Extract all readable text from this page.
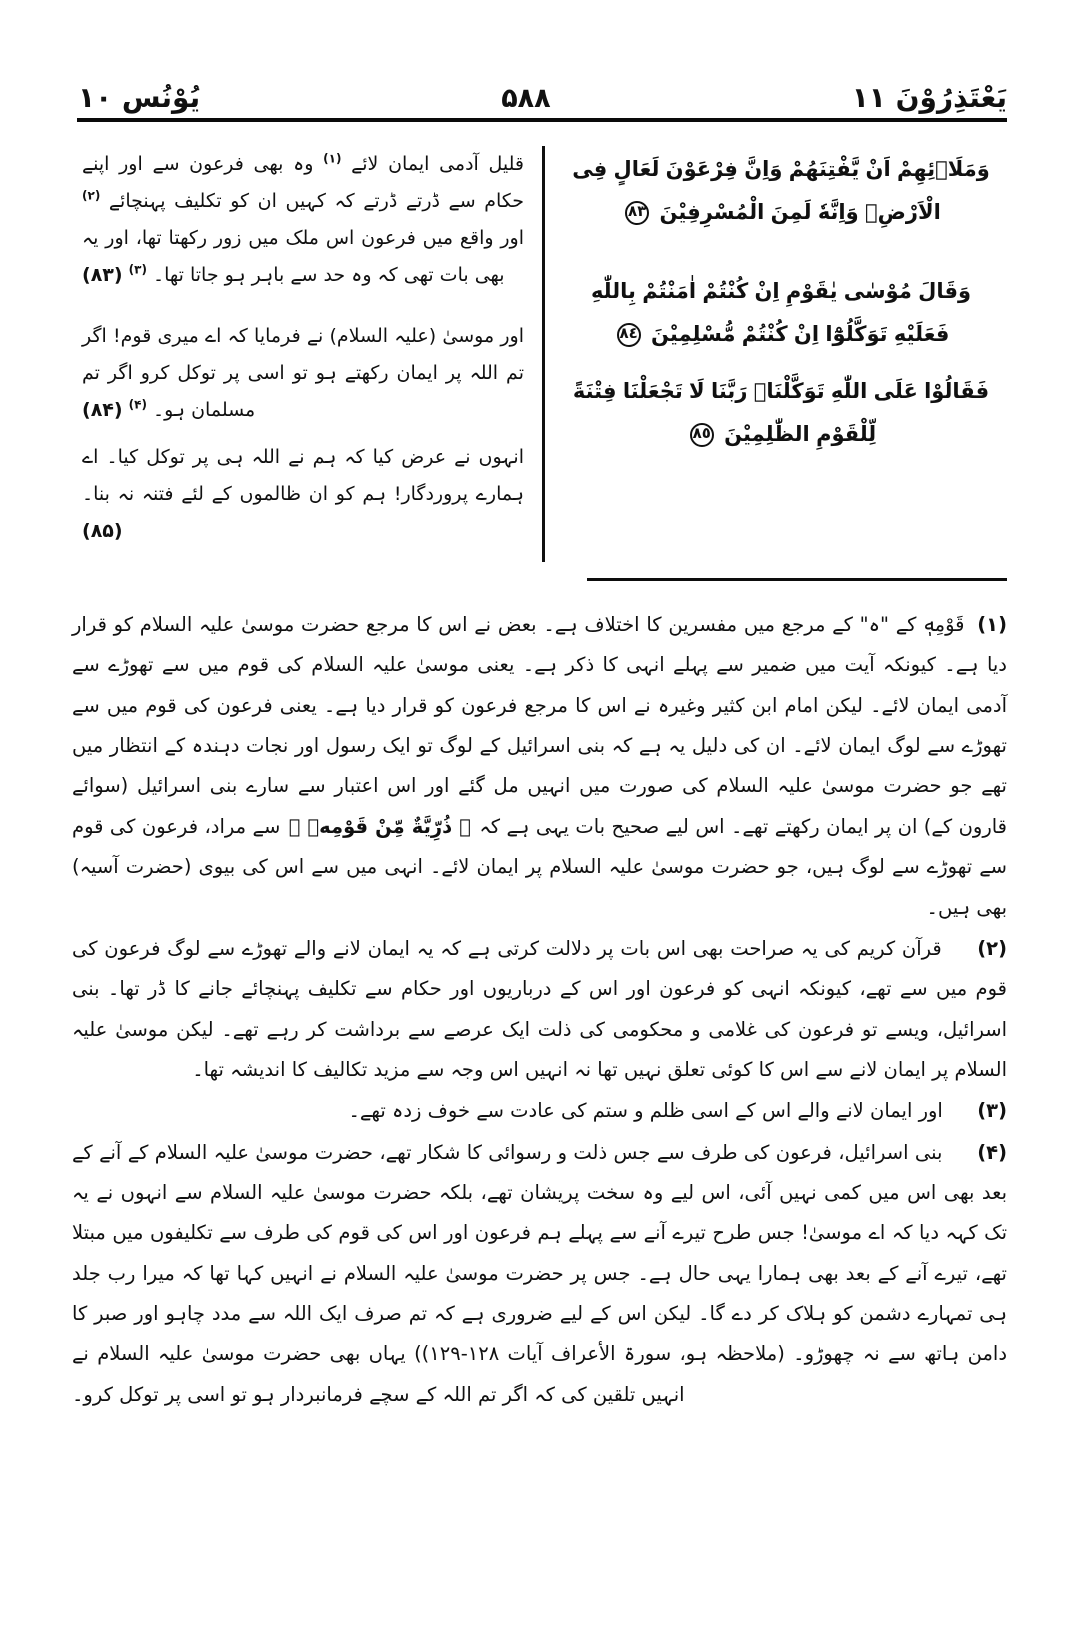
يَعْتَذِرُوْنَ ١١
۵۸۸
يُوْنُس ١٠
وَمَلَا۟ئِهِمْ اَنْ يَّفْتِنَهُمْ وَاِنَّ فِرْعَوْنَ لَعَالٍ فِى الْاَرْضِۚ وَاِنَّهٗ لَمِنَ الْمُسْرِفِيْنَ ٨٣
وَقَالَ مُوْسٰى يٰقَوْمِ اِنْ كُنْتُمْ اٰمَنْتُمْ بِاللّٰهِ فَعَلَيْهِ تَوَكَّلُوْٓا اِنْ كُنْتُمْ مُّسْلِمِيْنَ ٨٤
فَقَالُوْا عَلَى اللّٰهِ تَوَكَّلْنَاۚ رَبَّنَا لَا تَجْعَلْنَا فِتْنَةً لِّلْقَوْمِ الظّٰلِمِيْنَ ٨٥
قلیل آدمی ایمان لائے $^{(۱)}$ وہ بھی فرعون سے اور اپنے حکام سے ڈرتے ڈرتے کہ کہیں ان کو تکلیف پہنچائے $^{(۲)}$ اور واقع میں فرعون اس ملک میں زور رکھتا تھا، اور یہ بھی بات تھی کہ وہ حد سے باہر ہو جاتا تھا۔ $^{(۳)}$ (۸۳)
اور موسیٰ (علیہ السلام) نے فرمایا کہ اے میری قوم! اگر تم اللہ پر ایمان رکھتے ہو تو اسی پر توکل کرو اگر تم مسلمان ہو۔ $^{(۴)}$ (۸۴)
انہوں نے عرض کیا کہ ہم نے اللہ ہی پر توکل کیا۔ اے ہمارے پروردگار! ہم کو ان ظالموں کے لئے فتنہ نہ بنا۔ (۸۵)
(۱) قَوْمِهٖ کے "ہ" کے مرجع میں مفسرین کا اختلاف ہے۔ بعض نے اس کا مرجع حضرت موسیٰ علیہ السلام کو قرار دیا ہے۔ کیونکہ آیت میں ضمیر سے پہلے انہی کا ذکر ہے۔ یعنی موسیٰ علیہ السلام کی قوم میں سے تھوڑے سے آدمی ایمان لائے۔ لیکن امام ابن کثیر وغیرہ نے اس کا مرجع فرعون کو قرار دیا ہے۔ یعنی فرعون کی قوم میں سے تھوڑے سے لوگ ایمان لائے۔ ان کی دلیل یہ ہے کہ بنی اسرائیل کے لوگ تو ایک رسول اور نجات دہندہ کے انتظار میں تھے جو حضرت موسیٰ علیہ السلام کی صورت میں انہیں مل گئے اور اس اعتبار سے سارے بنی اسرائیل (سوائے قارون کے) ان پر ایمان رکھتے تھے۔ اس لیے صحیح بات یہی ہے کہ ﴿ ذُرِّيَّةٌ مِّنْ قَوْمِهٖ ﴾ سے مراد، فرعون کی قوم سے تھوڑے سے لوگ ہیں، جو حضرت موسیٰ علیہ السلام پر ایمان لائے۔ انہی میں سے اس کی بیوی (حضرت آسیہ) بھی ہیں۔
(۲)  قرآن کریم کی یہ صراحت بھی اس بات پر دلالت کرتی ہے کہ یہ ایمان لانے والے تھوڑے سے لوگ فرعون کی قوم میں سے تھے، کیونکہ انہی کو فرعون اور اس کے درباریوں اور حکام سے تکلیف پہنچائے جانے کا ڈر تھا۔ بنی اسرائیل، ویسے تو فرعون کی غلامی و محکومی کی ذلت ایک عرصے سے برداشت کر رہے تھے۔ لیکن موسیٰ علیہ السلام پر ایمان لانے سے اس کا کوئی تعلق نہیں تھا نہ انہیں اس وجہ سے مزید تکالیف کا اندیشہ تھا۔
(۳)  اور ایمان لانے والے اس کے اسی ظلم و ستم کی عادت سے خوف زدہ تھے۔
(۴)  بنی اسرائیل، فرعون کی طرف سے جس ذلت و رسوائی کا شکار تھے، حضرت موسیٰ علیہ السلام کے آنے کے بعد بھی اس میں کمی نہیں آئی، اس لیے وہ سخت پریشان تھے، بلکہ حضرت موسیٰ علیہ السلام سے انہوں نے یہ تک کہہ دیا کہ اے موسیٰ! جس طرح تیرے آنے سے پہلے ہم فرعون اور اس کی قوم کی طرف سے تکلیفوں میں مبتلا تھے، تیرے آنے کے بعد بھی ہمارا یہی حال ہے۔ جس پر حضرت موسیٰ علیہ السلام نے انہیں کہا تھا کہ میرا رب جلد ہی تمہارے دشمن کو ہلاک کر دے گا۔ لیکن اس کے لیے ضروری ہے کہ تم صرف ایک اللہ سے مدد چاہو اور صبر کا دامن ہاتھ سے نہ چھوڑو۔ (ملاحظہ ہو، سورۃ الأعراف آیات ١٢٨-١٢٩)) یہاں بھی حضرت موسیٰ علیہ السلام نے انہیں تلقین کی کہ اگر تم اللہ کے سچے فرمانبردار ہو تو اسی پر توکل کرو۔
